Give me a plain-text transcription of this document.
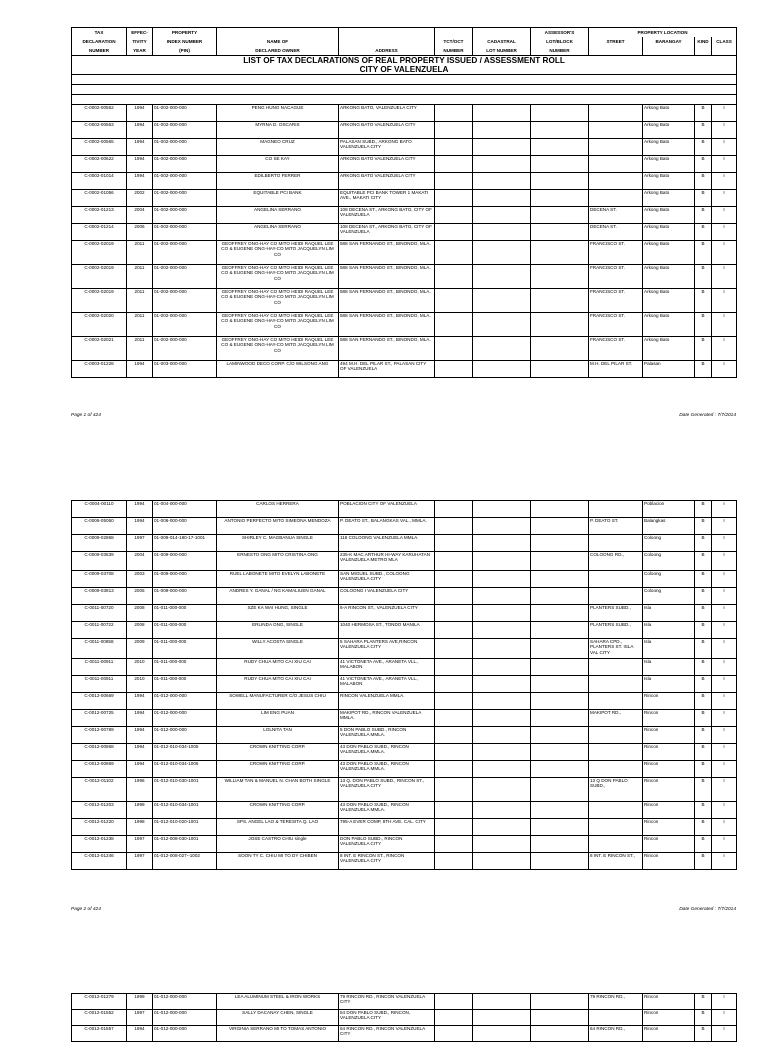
LIST OF TAX DECLARATIONS OF REAL PROPERTY ISSUED / ASSESSMENT ROLL											
CITY OF VALENZUELA											

TAX	EFFEC-	PROPERTY					ASSESSOR'S	PROPERTY LOCATION			
DECLARATION	TIVITY	INDEX NUMBER	NAME OF		TCT/OCT	CADASTRAL	LOT/BLOCK	STREET	BARANGAY	KIND	CLASS
NUMBER	YEAR	(PIN)	DECLARED OWNER	ADDRESS	NUMBER	LOT NUMBER	NUMBER				
C-0002-00562	1994	01-002-000-000	PENG HUNG NACAGUE	ARKONG BATO, VALENZUELA CITY					Arkong Bato	B	I
C-0002-00563	1994	01-002-000-000	MYRNA D. OSCARIS	ARKONG BATO VALENZUELA CITY					Arkong Bato	B	I
C-0002-00565	1994	01-002-000-000	MAGNEO CRUZ	PALASAN SUBD., ARKONG BATO VALENZUELA CITY					Arkong Bato	B	I
C-0002-00622	1994	01-002-000-000	CO SE KAY	ARKONG BATO VALENZUELA CITY					Arkong Bato	B	I
C-0002-01014	1994	01-002-000-000	EDILBERTO FERRER	ARKONG BATO VALENZUELA CITY					Arkong Bato	B	I
C-0002-01056	2002	01-002-000-000	EQUITABLE PCI BANK	EQUITABLE PCI BANK TOWER 1 MAKATI AVE., MAKATI CITY					Arkong Bato	B	I
C-0002-01213	2004	01-002-000-000	ANGELINA SERRANO	108 DECENA ST., ARKONG BATO, CITY OF VALENZUELA				DECENA ST.	Arkong Bato	B	I
C-0002-01214	2006	01-002-000-000	ANGELINA SERRANO	108 DECENA ST., ARKONG BATO, CITY OF VALENZUELA				DECENA ST.	Arkong Bato	B	I
C-0002-02019	2011	01-002-000-000	GEOFFREY ONG-HAY CO MITO HEIDI RAQUEL LEE CO & EUGENE ONG-HAY-CO MITO JACQUELYN LIM CO	588 SAN FERNANDO ST., BINONDO, MLA.				FRANCISCO ST.	Arkong Bato	B	I
C-0002-02019	2011	01-002-000-000	GEOFFREY ONG-HAY CO MITO HEIDI RAQUEL LEE CO & EUGENE ONG-HAY-CO MITO JACQUELYN LIM CO	588 SAN FERNANDO ST., BINONDO, MLA.				FRANCISCO ST.	Arkong Bato	B	I
C-0002-02019	2011	01-002-000-000	GEOFFREY ONG-HAY CO MITO HEIDI RAQUEL LEE CO & EUGENE ONG-HAY-CO MITO JACQUELYN LIM CO	588 SAN FERNANDO ST., BINONDO, MLA.				FRANCISCO ST.	Arkong Bato	B	I
C-0002-02020	2011	01-002-000-000	GEOFFREY ONG-HAY CO MITO HEIDI RAQUEL LEE CO & EUGENE ONG-HAY-CO MITO JACQUELYN LIM CO	588 SAN FERNANDO ST., BINONDO, MLA.				FRANCISCO ST.	Arkong Bato	B	I
C-0002-02021	2011	01-002-000-000	GEOFFREY ONG-HAY CO MITO HEIDI RAQUEL LEE CO & EUGENE ONG-HAY-CO MITO JACQUELYN LIM CO	588 SAN FERNANDO ST., BINONDO, MLA.				FRANCISCO ST.	Arkong Bato	B	I
C-0003-01228	1994	01-003-000-000	LAMINWOOD DECO CORP. C/O WILSONG ANG	494 M.H. DEL PILAR ST., PALASAN CITY OF VALENZUELA				M.H. DEL PILAR ST.	Palasan	B	I
Page 1 of 424	Date Generated : 7/7/2014
C-0004-00110	1994	01-004-000-000	CARLOS HERRERA	POBLACION CITY OF VALENZUELA					Poblacion	B	I
C-0006-05060	1994	01-006-000-000	ANTONIO PERFECTO MITO SIMEONA MENDOZA	P. DEATO ST., BALANGKAS VAL., MMLA.				P. DEATO ST.	Balangkas	B	I
C-0009-02868	1997	01-009-014-180-17-1001	SHIRLEY C. MAGBANUA SINGLE	116 COLOONG VALENZUELA MMLA.					Coloong	B	I
C-0009-03539	2004	01-009-000-000	ERNESTO ONG MITO CRISTINA ONG	235-K MAC ARTHUR HI-WAY KARUHATAN VALENZUELA METRO MLA				COLOONG RD.,	Coloong	B	I
C-0009-03708	2003	01-009-000-000	RUEL LABONETE MITO EVELYN LABONETE	SAN MIGUEL SUBD., COLOONG VALENZUELA CITY					Coloong	B	I
C-0009-03813	2005	01-009-000-000	ANDRES Y. GANAL / NG KAMALIUEN GANAL	COLOONG I VALENZUELA CITY					Coloong	B	I
C-0011-00720	2008	01-011-000-000	SZE KA WAI HUNG, SINGLE	6-A RINCON ST., VALENZUELA CITY				PLANTERS SUBD.,	Isla	B	I
C-0011-00722	2008	01-011-000-000	ERLINDA ONG, SINGLE	1040 HERMOSA ST., TONDO MANILA				PLANTERS SUBD.,	Isla	B	I
C-0011-00858	2009	01-011-000-000	WILLY ACOSTA SINGLE	5 SAHARA PLANTERS AVE,RINCON VALENZUELA CITY				SAHARA CPD., PLANTERS ST. ISLA VAL CITY	Isla	B	I
C-0011-00911	2010	01-011-000-000	RUDY CHUA MITO CAI XIU CAI	41 VICTONETA AVE., ARANETA VLL., MALABON					Isla	B	I
C-0011-00911	2010	01-011-000-000	RUDY CHUA MITO CAI XIU CAI	41 VICTONETA AVE., ARANETA VLL., MALABON					Isla	B	I
C-0012-00669	1994	01-012-000-000	SOWELL MANUFACTURER C/O JESUS CHIU	RINCON VALENZUELA MMLA.					Rincon	B	I
C-0012-00725	1994	01-012-000-000	LIM ENG PUAN	MAKIPOT RD., RINCON VALENZUELA MMLA.				MAKIPOT RD.,	Rincon	B	I
C-0012-00789	1994	01-012-000-000	LOLNITA TAN	5 DON PABLO SUBD., RINCON VALENZUELA MMLA.					Rincon	B	I
C-0012-00868	1994	01-012-010-034-1005	CROWN KNITTING CORP.	43 DON PABLO SUBD., RINCON VALENZUELA MMLA.					Rincon	B	I
C-0012-00869	1994	01-012-010-034-1006	CROWN KNITTING CORP.	43 DON PABLO SUBD., RINCON VALENZUELA MMLA.					Rincon	B	I
C-0012-01102	1996	01-012-010-030-1001	WILLIAM TAN & MANUEL N. CHAN BOTH SINGLE	13 Q. DON PABLO SUBD., RINCON ST., VALENZUELA CITY				13 Q DON PABLO SUBD.,	Rincon	B	I
C-0012-01203	1999	01-012-010-034-1001	CROWN KNITTING CORP.	43 DON PABLO SUBD., RINCON VALENZUELA MMLA.					Rincon	B	I
C-0012-01220	1998	01-012-010-020-1001	SPS. ANGEL LAO & TERESITA Q. LAO	795-A EVER COMP, 8TH AVE. CAL. CITY					Rincon	B	I
C-0012-01238	1997	01-012-008-030-1001	JOSE CASTRO CHIU single	DON PABLO SUBD., RINCON VALENZUELA CITY					Rincon	B	I
C-0012-01246	1997	01-012-008-027--1002	SOON TY C. CHIU MI TO DY CHIBEN	8 INT. E RINCON ST., RINCON VALENZUELA CITY				8 INT. E RINCON ST.,	Rincon	B	I
Page 2 of 424	Date Generated : 7/7/2014
C-0012-01279	1999	01-012-000-000	LEA ALUMINUM STEEL & IRON WORKS	79 RINCON RD., RINCON VALENZUELA CITY				79 RINCON RD.,	Rincon	B	I
C-0012-01552	1997	01-012-000-000	SALLY DACANAY CHEN, SINGLE	54 DON PABLO SUBD., RINCON, VALENZUELA CITY					Rincon	B	I
C-0012-01557	1994	01-012-000-000	VIRGINIA SERRANO MI TO TOMAS ANTONIO	64 RINCON RD., RINCON VALENZUELA CITY				64 RINCON RD.,	Rincon	B	I
